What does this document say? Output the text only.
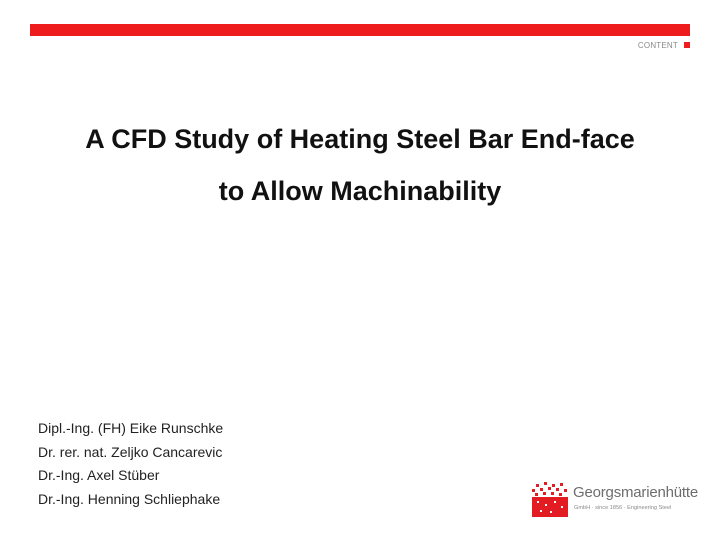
CONTENT
A CFD Study of Heating Steel Bar End-face
to Allow Machinability
Dipl.-Ing. (FH) Eike Runschke
Dr. rer. nat. Zeljko Cancarevic
Dr.-Ing. Axel Stüber
Dr.-Ing. Henning Schliephake	Georgsmarienhütte
GmbH · since 1856 · Engineering Steel
